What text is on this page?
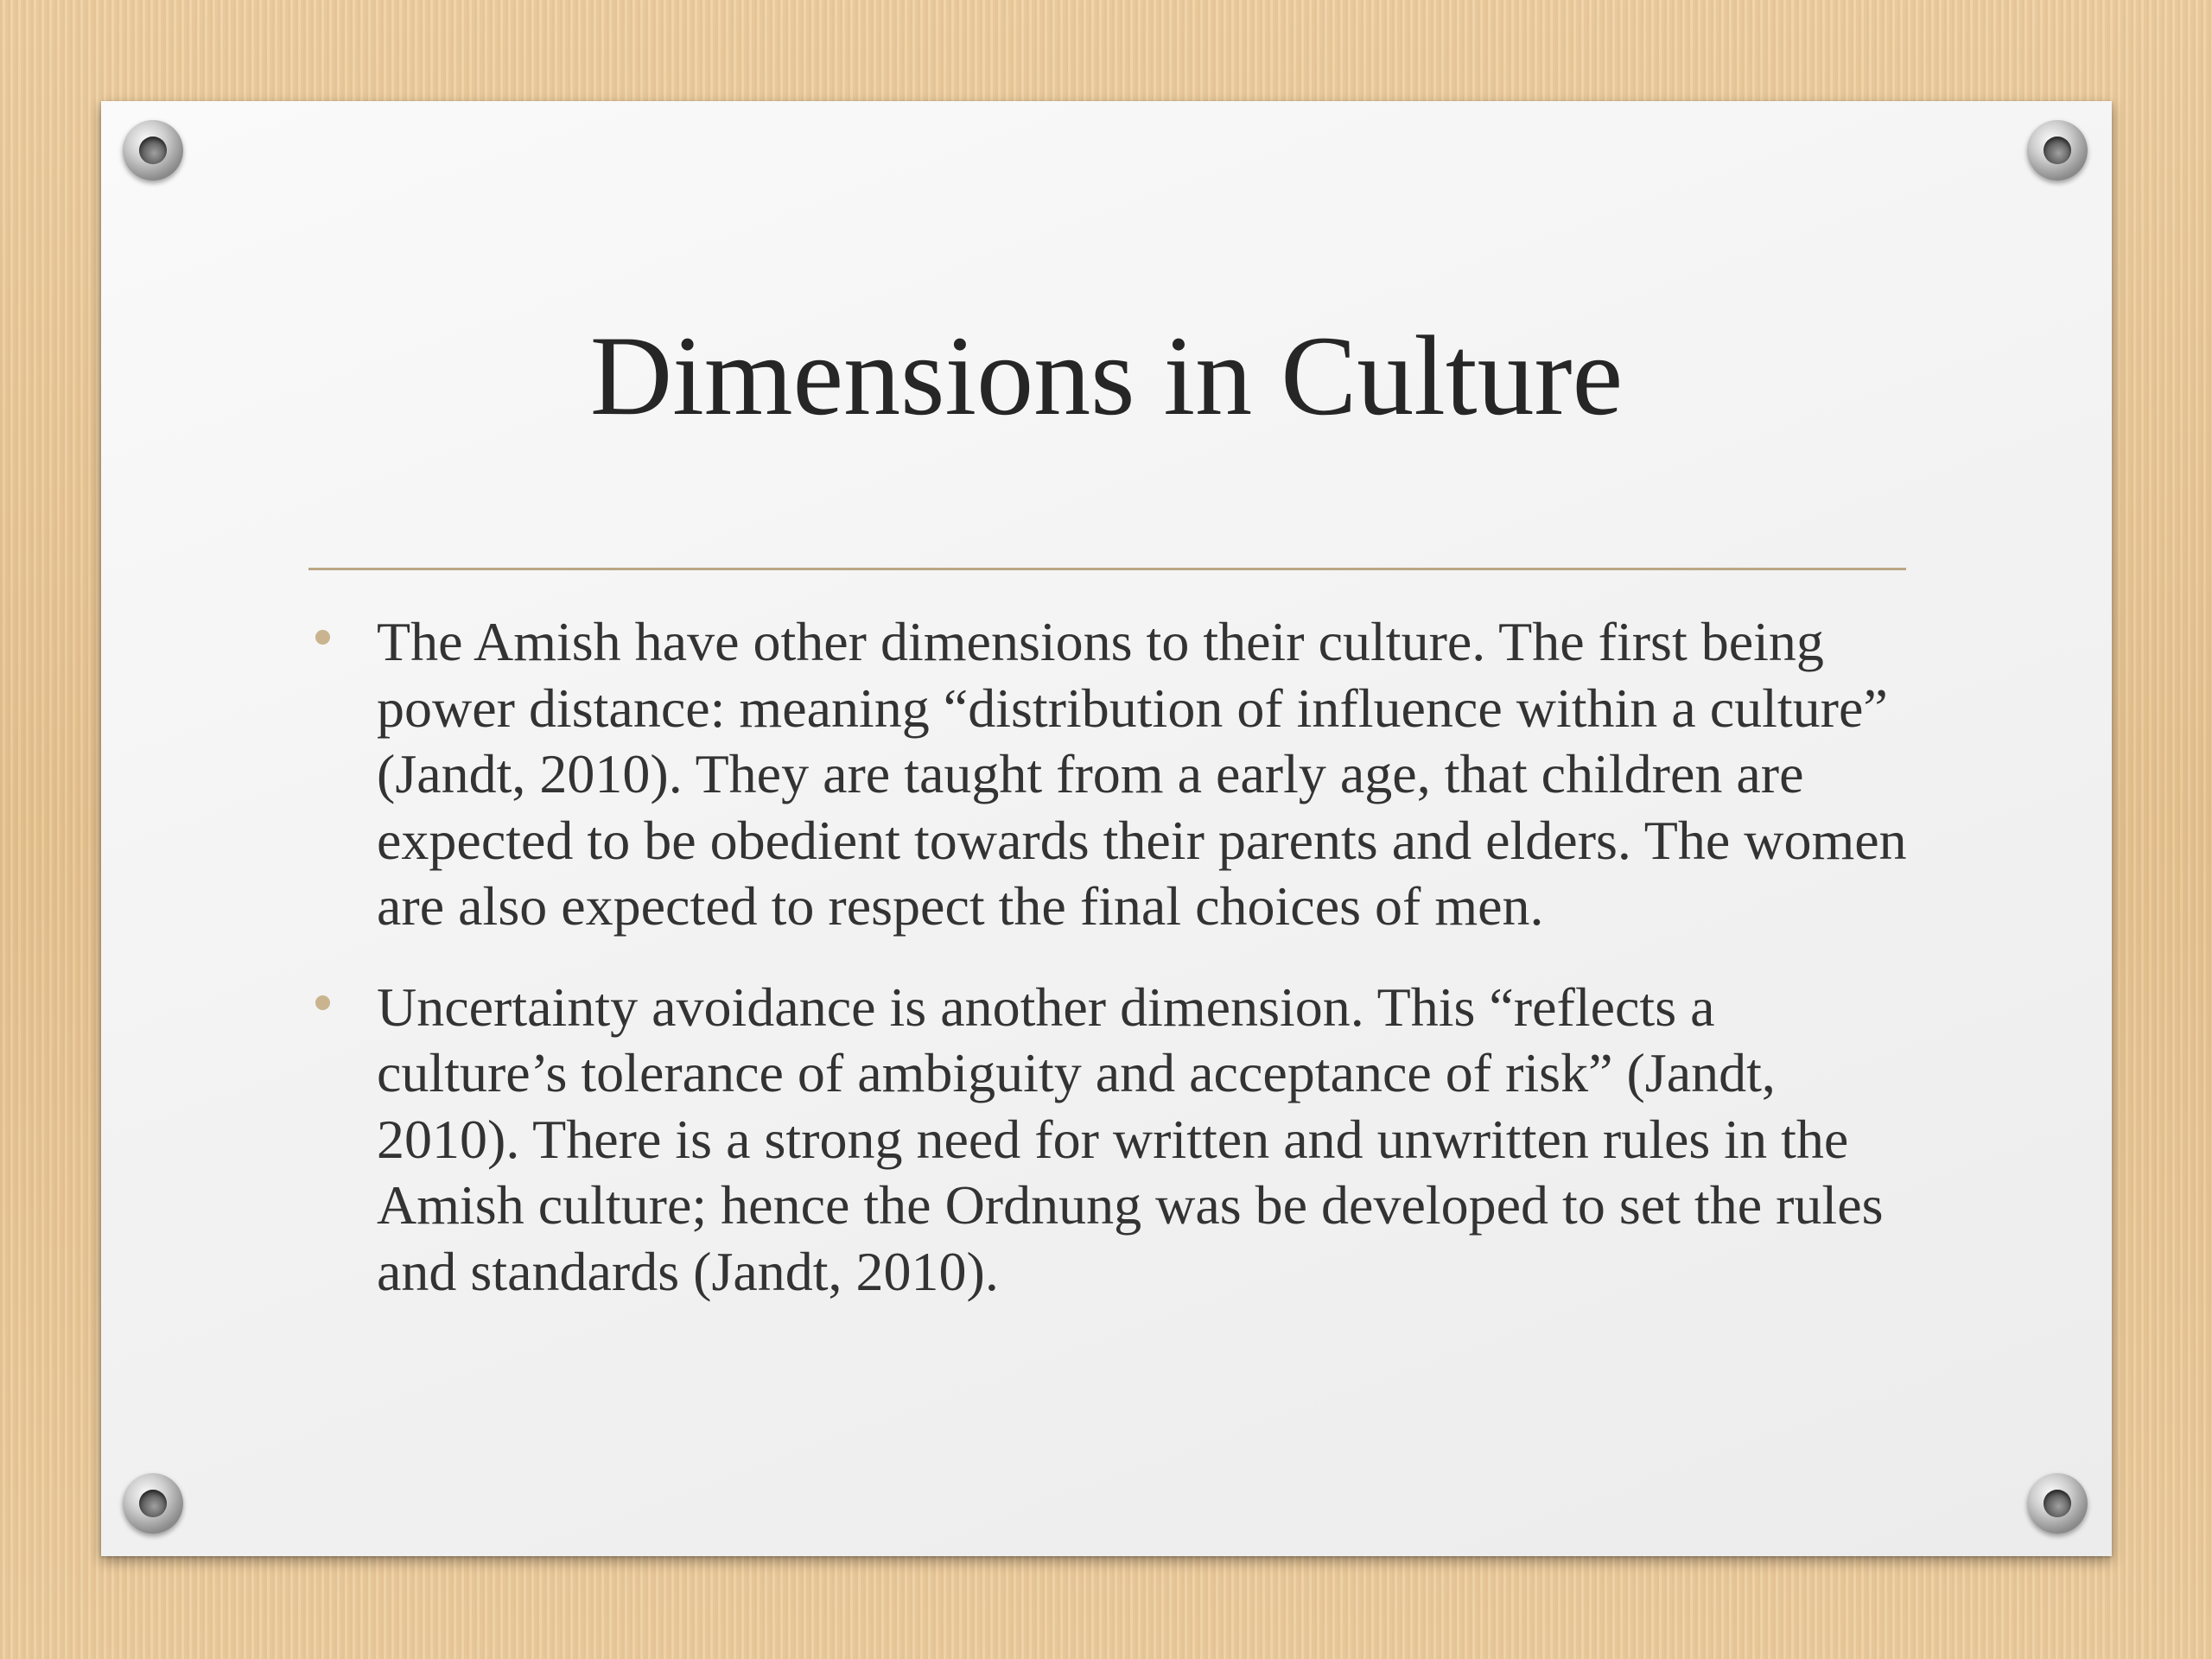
Dimensions in Culture
The Amish have other dimensions to their culture. The first being power distance: meaning “distribution of influence within a culture” (Jandt, 2010). They are taught from a early age, that children are expected to be obedient towards their parents and elders. The women are also expected to respect the final choices of men.
Uncertainty avoidance is another dimension. This “reflects a culture’s tolerance of ambiguity and acceptance of risk” (Jandt, 2010). There is a strong need for written and unwritten rules in the Amish culture; hence the Ordnung was be developed to set the rules and standards (Jandt, 2010).
